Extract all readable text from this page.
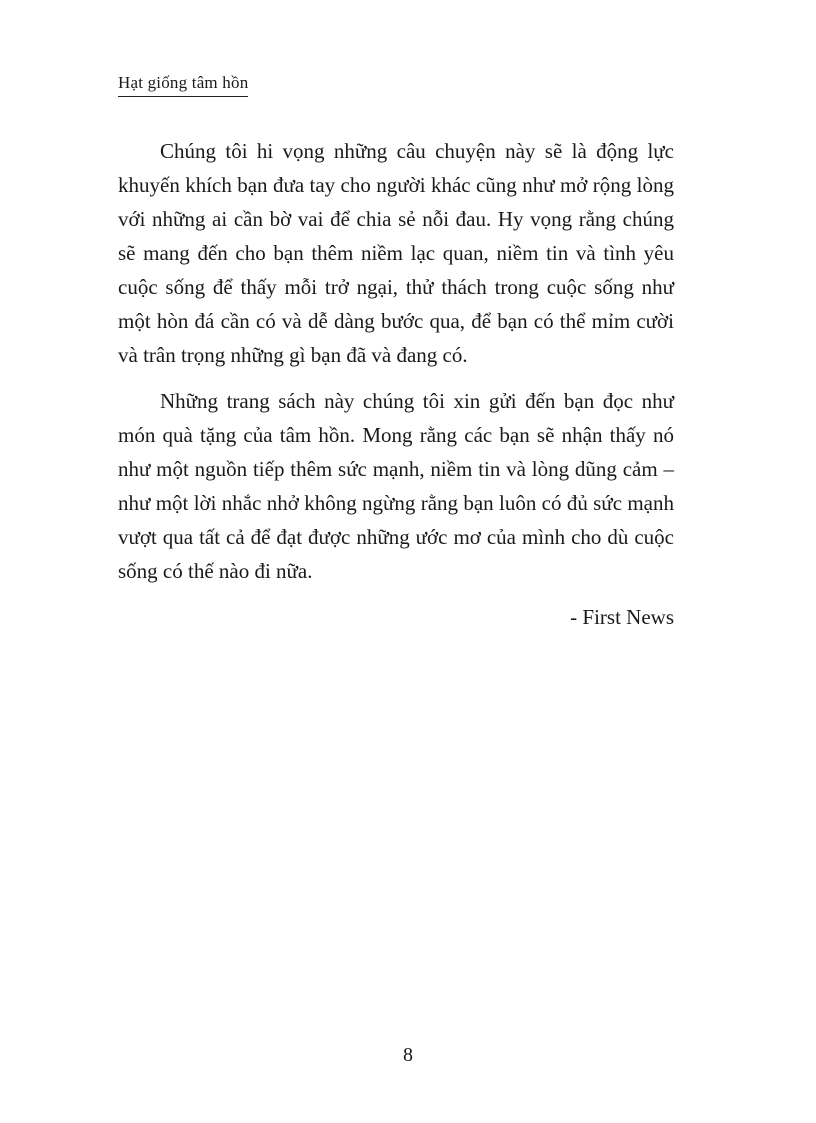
Hạt giống tâm hồn

Chúng tôi hi vọng những câu chuyện này sẽ là động lực khuyến khích bạn đưa tay cho người khác cũng như mở rộng lòng với những ai cần bờ vai để chia sẻ nỗi đau. Hy vọng rằng chúng sẽ mang đến cho bạn thêm niềm lạc quan, niềm tin và tình yêu cuộc sống để thấy mỗi trở ngại, thử thách trong cuộc sống như một hòn đá cần có và dễ dàng bước qua, để bạn có thể mỉm cười và trân trọng những gì bạn đã và đang có.

Những trang sách này chúng tôi xin gửi đến bạn đọc như món quà tặng của tâm hồn. Mong rằng các bạn sẽ nhận thấy nó như một nguồn tiếp thêm sức mạnh, niềm tin và lòng dũng cảm – như một lời nhắc nhở không ngừng rằng bạn luôn có đủ sức mạnh vượt qua tất cả để đạt được những ước mơ của mình cho dù cuộc sống có thế nào đi nữa.

- First News

8
